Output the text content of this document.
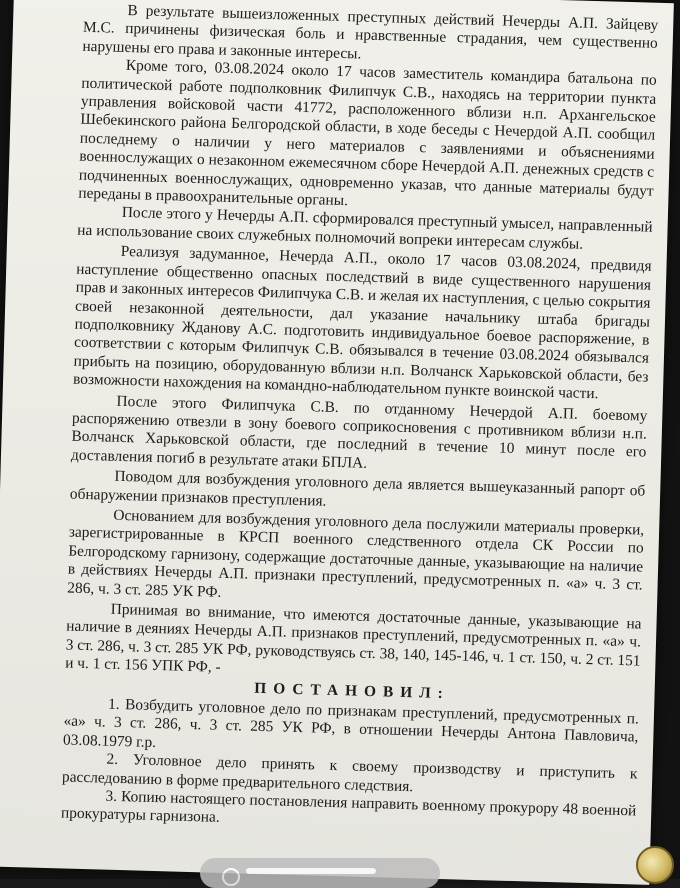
В результате вышеизложенных преступных действий Нечерды А.П. Зайцеву М.С. причинены физическая боль и нравственные страдания, чем существенно нарушены его права и законные интересы.

Кроме того, 03.08.2024 около 17 часов заместитель командира батальона по политической работе подполковник Филипчук С.В., находясь на территории пункта управления войсковой части 41772, расположенного вблизи н.п. Архангельское Шебекинского района Белгородской области, в ходе беседы с Нечердой А.П. сообщил последнему о наличии у него материалов с заявлениями и объяснениями военнослужащих о незаконном ежемесячном сборе Нечердой А.П. денежных средств с подчиненных военнослужащих, одновременно указав, что данные материалы будут переданы в правоохранительные органы.

После этого у Нечерды А.П. сформировался преступный умысел, направленный на использование своих служебных полномочий вопреки интересам службы.

Реализуя задуманное, Нечерда А.П., около 17 часов 03.08.2024, предвидя наступление общественно опасных последствий в виде существенного нарушения прав и законных интересов Филипчука С.В. и желая их наступления, с целью сокрытия своей незаконной деятельности, дал указание начальнику штаба бригады подполковнику Жданову А.С. подготовить индивидуальное боевое распоряжение, в соответствии с которым Филипчук С.В. обязывался в течение 03.08.2024 обязывался прибыть на позицию, оборудованную вблизи н.п. Волчанск Харьковской области, без возможности нахождения на командно-наблюдательном пункте воинской части.

После этого Филипчука С.В. по отданному Нечердой А.П. боевому распоряжению отвезли в зону боевого соприкосновения с противником вблизи н.п. Волчанск Харьковской области, где последний в течение 10 минут после его доставления погиб в результате атаки БПЛА.

Поводом для возбуждения уголовного дела является вышеуказанный рапорт об обнаружении признаков преступления.

Основанием для возбуждения уголовного дела послужили материалы проверки, зарегистрированные в КРСП военного следственного отдела СК России по Белгородскому гарнизону, содержащие достаточные данные, указывающие на наличие в действиях Нечерды А.П. признаки преступлений, предусмотренных п. «а» ч. 3 ст. 286, ч. 3 ст. 285 УК РФ.

Принимая во внимание, что имеются достаточные данные, указывающие на наличие в деяниях Нечерды А.П. признаков преступлений, предусмотренных п. «а» ч. 3 ст. 286, ч. 3 ст. 285 УК РФ, руководствуясь ст. 38, 140, 145-146, ч. 1 ст. 150, ч. 2 ст. 151 и ч. 1 ст. 156 УПК РФ, -

ПОСТАНОВИЛ:

1. Возбудить уголовное дело по признакам преступлений, предусмотренных п. «а» ч. 3 ст. 286, ч. 3 ст. 285 УК РФ, в отношении Нечерды Антона Павловича, 03.08.1979 г.р.

2. Уголовное дело принять к своему производству и приступить к расследованию в форме предварительного следствия.

3. Копию настоящего постановления направить военному прокурору 48 военной прокуратуры гарнизона.
